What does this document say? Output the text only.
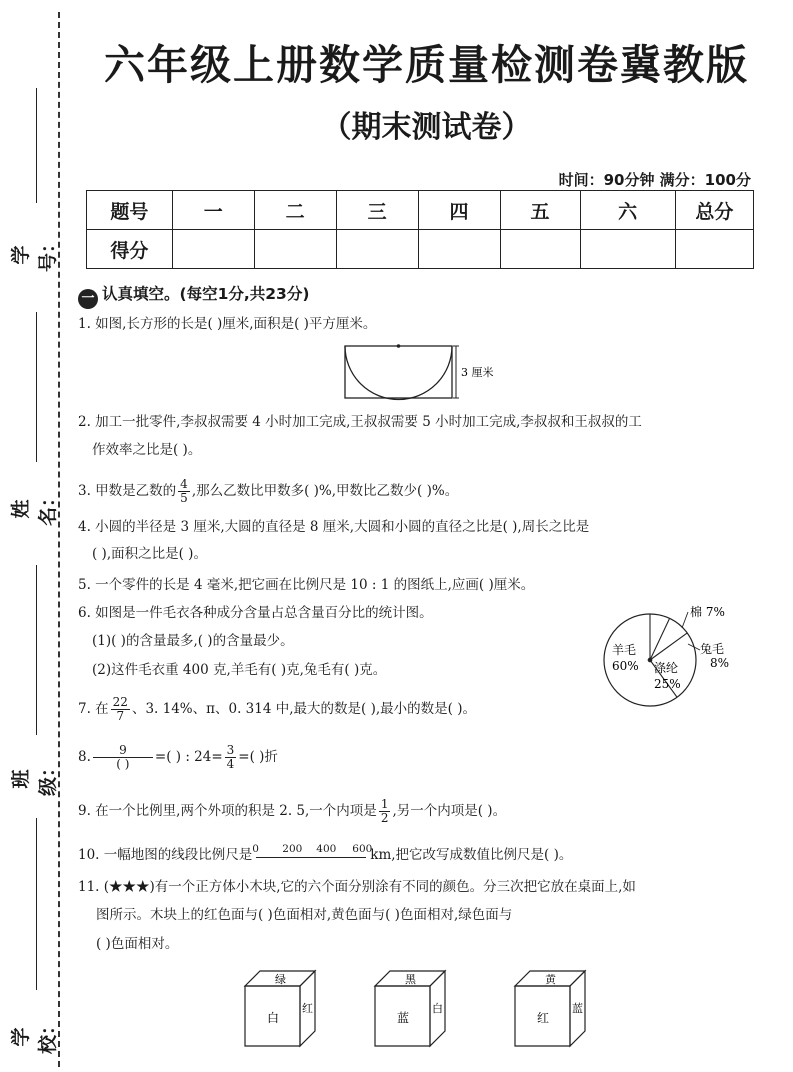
学号：
姓名：
班级：
学校：
六年级上册数学质量检测卷冀教版
（期末测试卷）
时间：90分钟 满分：100分
题号	一	二	三	四	五	六	总分
得分							
一 认真填空。(每空1分,共23分)
1. 如图,长方形的长是( )厘米,面积是( )平方厘米。
3 厘米
2. 加工一批零件,李叔叔需要 4 小时加工完成,王叔叔需要 5 小时加工完成,李叔叔和王叔叔的工
作效率之比是( )。
3. 甲数是乙数的 $\frac{4}{5}$ ,那么乙数比甲数多( )%,甲数比乙数少( )%。
4. 小圆的半径是 3 厘米,大圆的直径是 8 厘米,大圆和小圆的直径之比是( ),周长之比是
( ),面积之比是( )。
5. 一个零件的长是 4 毫米,把它画在比例尺是 10 : 1 的图纸上,应画( )厘米。
6. 如图是一件毛衣各种成分含量占总含量百分比的统计图。
(1)( )的含量最多,( )的含量最少。
(2)这件毛衣重 400 克,羊毛有( )克,兔毛有( )克。
棉 7%
兔毛
8%
羊毛
60% 涤纶
25%
7. 在 $\frac{22}{7}$ 、3. 14%、π、0. 314 中,最大的数是( ),最小的数是( )。
8. $\frac{9}{( )}$ =( ) : $24= \frac{3}{4}$ =( )折
9. 在一个比例里,两个外项的积是 2. 5,一个内项是 $\frac{1}{2}$ ,另一个内项是( )。
10. 一幅地图的线段比例尺是 0 200 400 600
km,把它改写成数值比例尺是( )。
11. (★★★)有一个正方体小木块,它的六个面分别涂有不同的颜色。分三次把它放在桌面上,如
图所示。木块上的红色面与( )色面相对,黄色面与( )色面相对,绿色面与
( )色面相对。
绿
白
红
黑
蓝
白
黄
红
蓝
